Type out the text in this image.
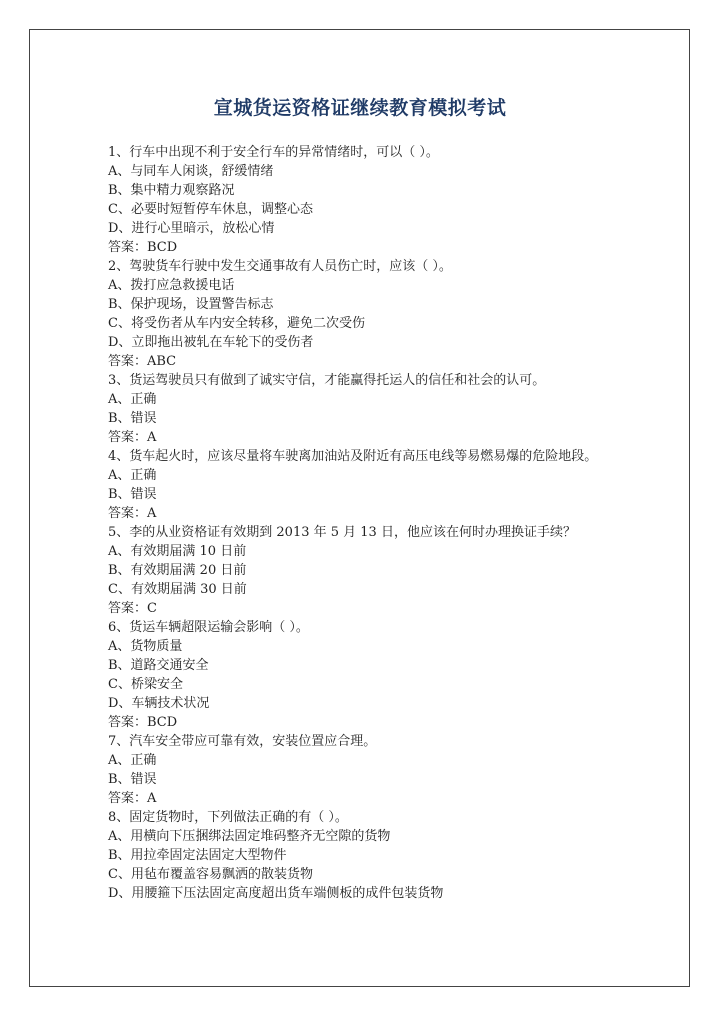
宣城货运资格证继续教育模拟考试
1、行车中出现不利于安全行车的异常情绪时，可以（ ）。
A、与同车人闲谈，舒缓情绪
B、集中精力观察路况
C、必要时短暂停车休息，调整心态
D、进行心里暗示，放松心情
答案：BCD
2、驾驶货车行驶中发生交通事故有人员伤亡时，应该（ ）。
A、拨打应急救援电话
B、保护现场，设置警告标志
C、将受伤者从车内安全转移，避免二次受伤
D、立即拖出被轧在车轮下的受伤者
答案：ABC
3、货运驾驶员只有做到了诚实守信，才能赢得托运人的信任和社会的认可。
A、正确
B、错误
答案：A
4、货车起火时，应该尽量将车驶离加油站及附近有高压电线等易燃易爆的危险地段。
A、正确
B、错误
答案：A
5、李的从业资格证有效期到 2013 年 5 月 13 日，他应该在何时办理换证手续？
A、有效期届满 10 日前
B、有效期届满 20 日前
C、有效期届满 30 日前
答案：C
6、货运车辆超限运输会影响（ ）。
A、货物质量
B、道路交通安全
C、桥梁安全
D、车辆技术状况
答案：BCD
7、汽车安全带应可靠有效，安装位置应合理。
A、正确
B、错误
答案：A
8、固定货物时，下列做法正确的有（ ）。
A、用横向下压捆绑法固定堆码整齐无空隙的货物
B、用拉牵固定法固定大型物件
C、用毡布覆盖容易飘洒的散装货物
D、用腰箍下压法固定高度超出货车端侧板的成件包装货物
